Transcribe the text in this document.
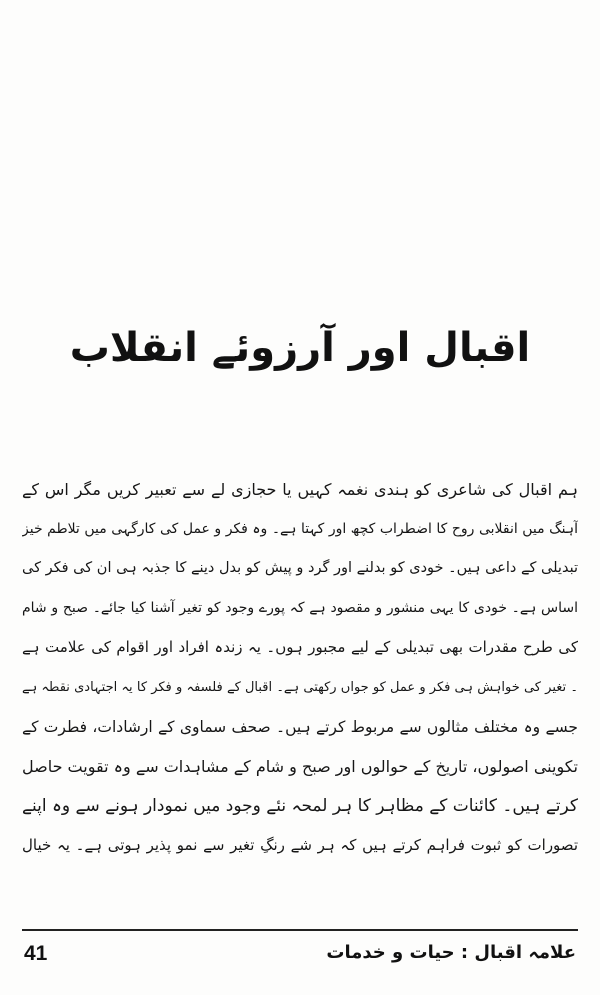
اقبال اور آرزوئے انقلاب
ہم اقبال کی شاعری کو ہندی نغمہ کہیں یا حجازی لے سے تعبیر کریں مگر اس کے
آہنگ میں انقلابی روح کا اضطراب کچھ اور کہتا ہے۔ وہ فکر و عمل کی کارگہی میں تلاطم خیز
تبدیلی کے داعی ہیں۔ خودی کو بدلنے اور گرد و پیش کو بدل دینے کا جذبہ ہی ان کی فکر کی
اساس ہے۔ خودی کا یہی منشور و مقصود ہے کہ پورے وجود کو تغیر آشنا کیا جائے۔ صبح و شام
کی طرح مقدرات بھی تبدیلی کے لیے مجبور ہوں۔ یہ زندہ افراد اور اقوام کی علامت ہے
۔ تغیر کی خواہش ہی فکر و عمل کو جواں رکھتی ہے۔ اقبال کے فلسفہ و فکر کا یہ اجتہادی نقطہ ہے
جسے وہ مختلف مثالوں سے مربوط کرتے ہیں۔ صحف سماوی کے ارشادات، فطرت کے
تکوینی اصولوں، تاریخ کے حوالوں اور صبح و شام کے مشاہدات سے وہ تقویت حاصل
کرتے ہیں۔ کائنات کے مظاہر کا ہر لمحہ نئے وجود میں نمودار ہونے سے وہ اپنے
تصورات کو ثبوت فراہم کرتے ہیں کہ ہر شے رنگِ تغیر سے نمو پذیر ہوتی ہے۔ یہ خیال
41	علامہ اقبال : حیات و خدمات
